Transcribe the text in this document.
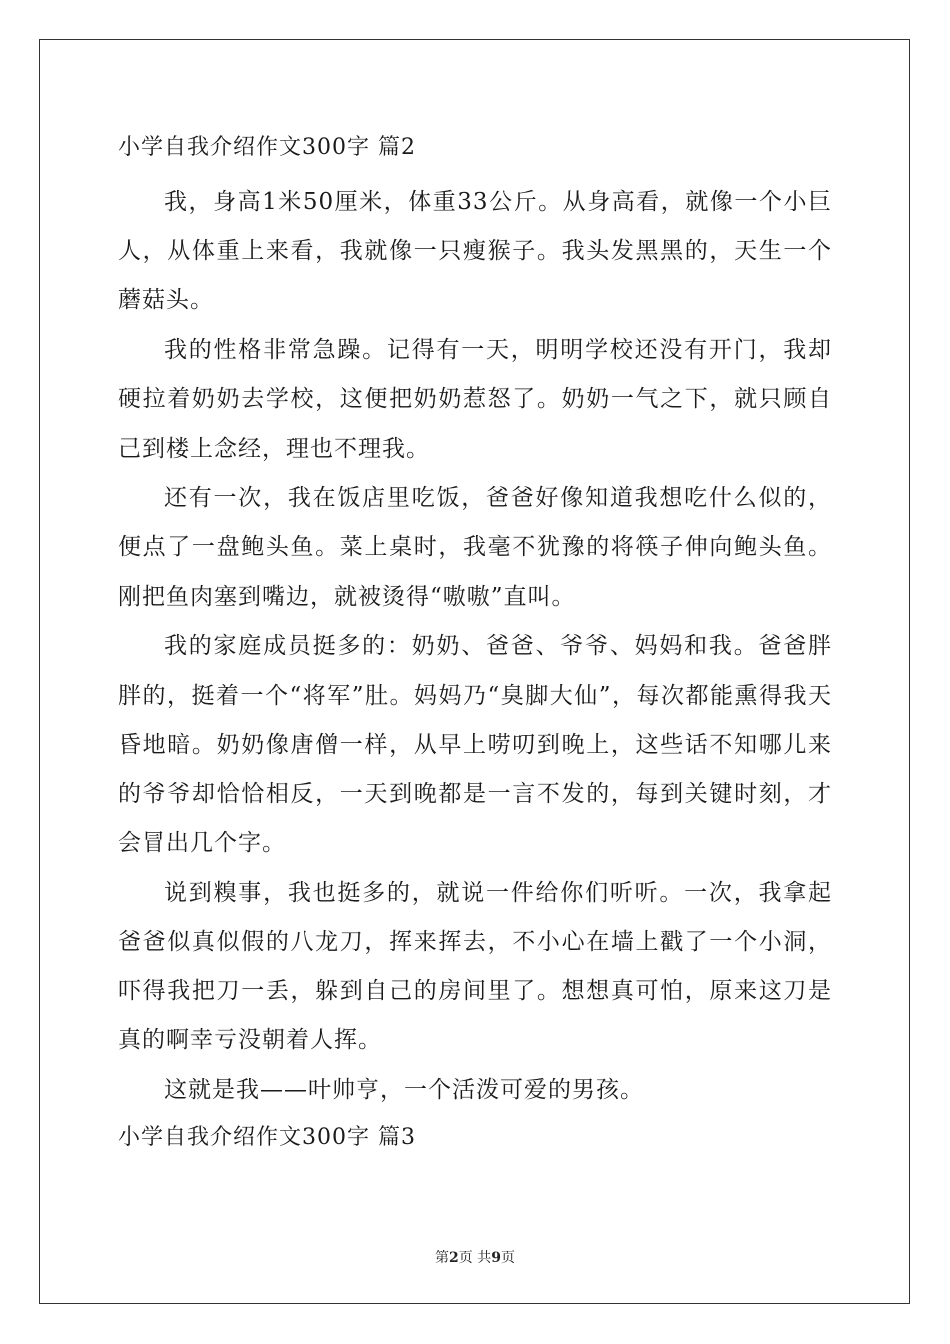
小学自我介绍作文300字 篇2

我，身高1米50厘米，体重33公斤。从身高看，就像一个小巨人，从体重上来看，我就像一只瘦猴子。我头发黑黑的，天生一个蘑菇头。

我的性格非常急躁。记得有一天，明明学校还没有开门，我却硬拉着奶奶去学校，这便把奶奶惹怒了。奶奶一气之下，就只顾自己到楼上念经，理也不理我。

还有一次，我在饭店里吃饭，爸爸好像知道我想吃什么似的，便点了一盘鲍头鱼。菜上桌时，我毫不犹豫的将筷子伸向鲍头鱼。刚把鱼肉塞到嘴边，就被烫得“嗷嗷”直叫。

我的家庭成员挺多的：奶奶、爸爸、爷爷、妈妈和我。爸爸胖胖的，挺着一个“将军”肚。妈妈乃“臭脚大仙”，每次都能熏得我天昏地暗。奶奶像唐僧一样，从早上唠叨到晚上，这些话不知哪儿来的爷爷却恰恰相反，一天到晚都是一言不发的，每到关键时刻，才会冒出几个字。

说到糗事，我也挺多的，就说一件给你们听听。一次，我拿起爸爸似真似假的八龙刀，挥来挥去，不小心在墙上戳了一个小洞，吓得我把刀一丢，躲到自己的房间里了。想想真可怕，原来这刀是真的啊幸亏没朝着人挥。

这就是我——叶帅亨，一个活泼可爱的男孩。

小学自我介绍作文300字 篇3
第2页 共9页
